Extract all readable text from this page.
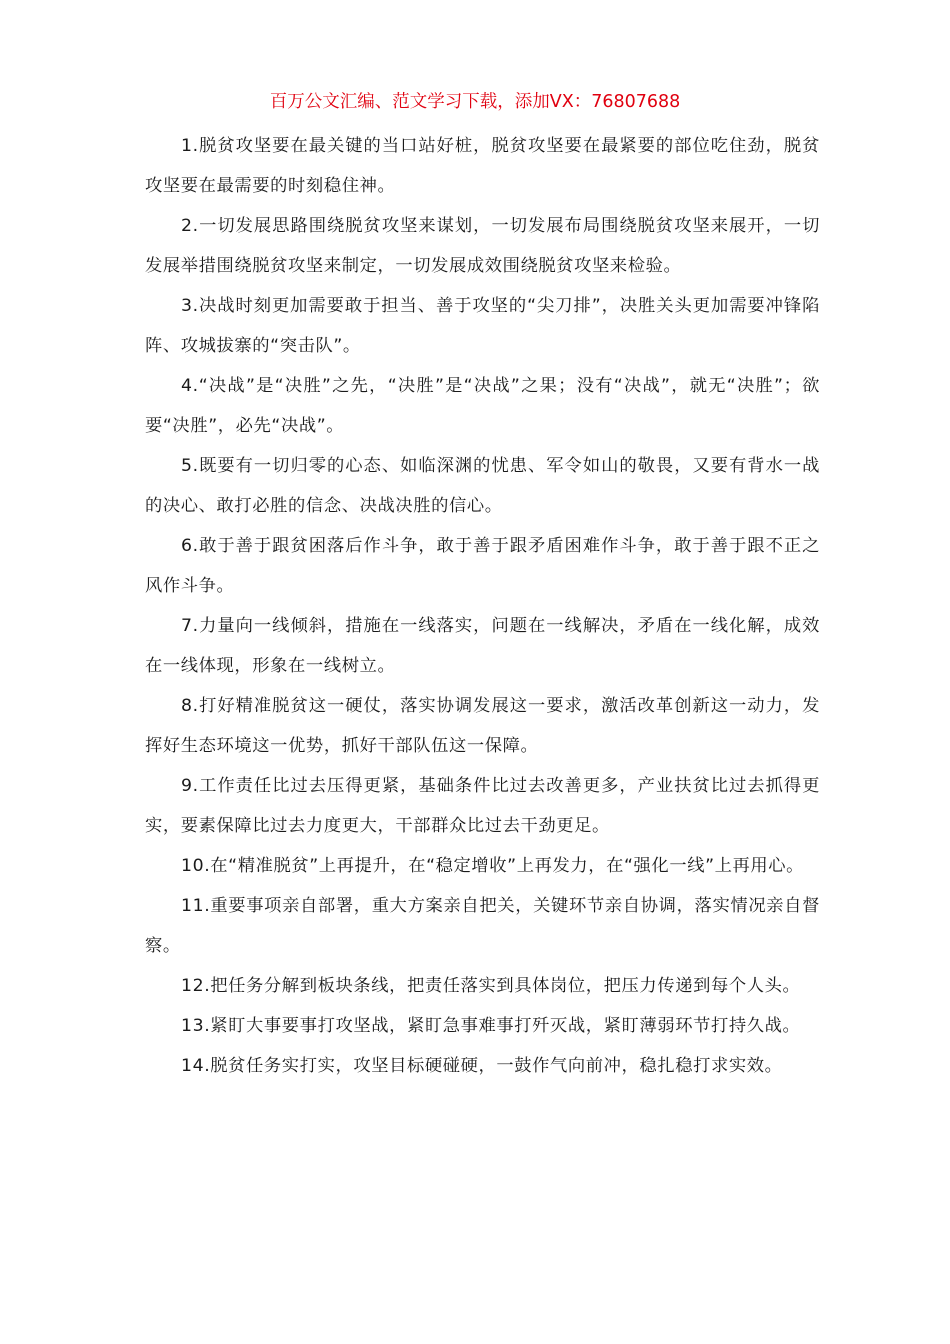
百万公文汇编、范文学习下载，添加VX：76807688

1.脱贫攻坚要在最关键的当口站好桩，脱贫攻坚要在最紧要的部位吃住劲，脱贫攻坚要在最需要的时刻稳住神。

2.一切发展思路围绕脱贫攻坚来谋划，一切发展布局围绕脱贫攻坚来展开，一切发展举措围绕脱贫攻坚来制定，一切发展成效围绕脱贫攻坚来检验。

3.决战时刻更加需要敢于担当、善于攻坚的“尖刀排”，决胜关头更加需要冲锋陷阵、攻城拔寨的“突击队”。

4.“决战”是“决胜”之先，“决胜”是“决战”之果；没有“决战”，就无“决胜”；欲要“决胜”，必先“决战”。

5.既要有一切归零的心态、如临深渊的忧患、军令如山的敬畏，又要有背水一战的决心、敢打必胜的信念、决战决胜的信心。

6.敢于善于跟贫困落后作斗争，敢于善于跟矛盾困难作斗争，敢于善于跟不正之风作斗争。

7.力量向一线倾斜，措施在一线落实，问题在一线解决，矛盾在一线化解，成效在一线体现，形象在一线树立。

8.打好精准脱贫这一硬仗，落实协调发展这一要求，激活改革创新这一动力，发挥好生态环境这一优势，抓好干部队伍这一保障。

9.工作责任比过去压得更紧，基础条件比过去改善更多，产业扶贫比过去抓得更实，要素保障比过去力度更大，干部群众比过去干劲更足。

10.在“精准脱贫”上再提升，在“稳定增收”上再发力，在“强化一线”上再用心。

11.重要事项亲自部署，重大方案亲自把关，关键环节亲自协调，落实情况亲自督察。

12.把任务分解到板块条线，把责任落实到具体岗位，把压力传递到每个人头。

13.紧盯大事要事打攻坚战，紧盯急事难事打歼灭战，紧盯薄弱环节打持久战。

14.脱贫任务实打实，攻坚目标硬碰硬，一鼓作气向前冲，稳扎稳打求实效。
